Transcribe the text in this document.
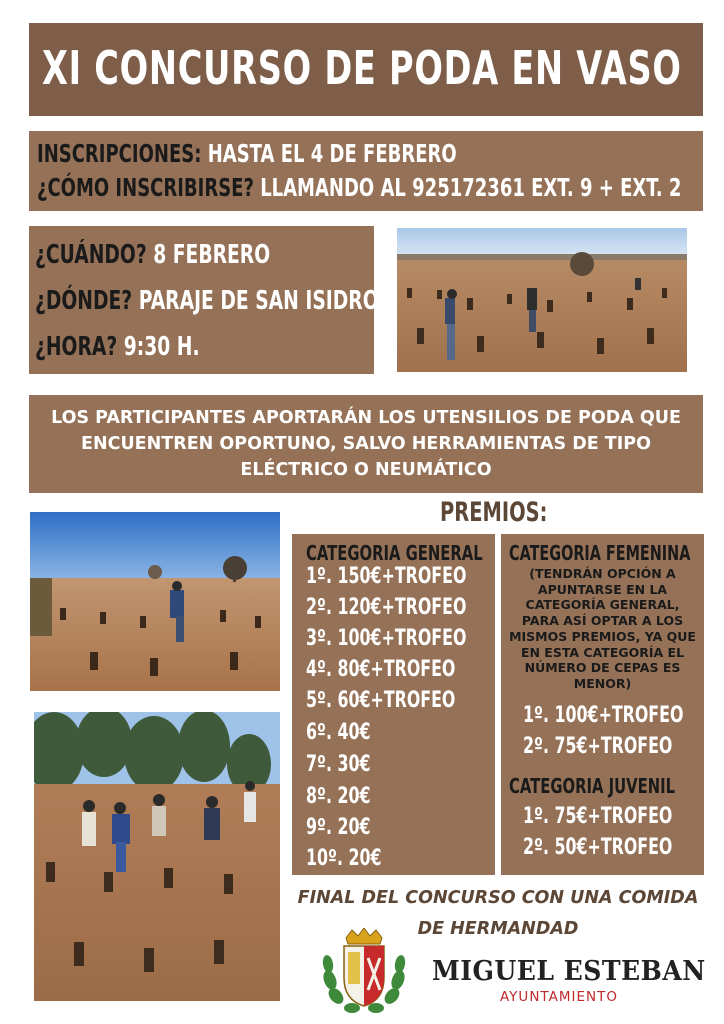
XI CONCURSO DE PODA EN VASO
INSCRIPCIONES: HASTA EL 4 DE FEBRERO
¿CÓMO INSCRIBIRSE? LLAMANDO AL 925172361 EXT. 9 + EXT. 2
¿CUÁNDO? 8 FEBRERO
¿DÓNDE? PARAJE DE SAN ISIDRO
¿HORA? 9:30 H.
LOS PARTICIPANTES APORTARÁN LOS UTENSILIOS DE PODA QUE ENCUENTREN OPORTUNO, SALVO HERRAMIENTAS DE TIPO ELÉCTRICO O NEUMÁTICO
PREMIOS:
CATEGORIA GENERAL
1º. 150€+TROFEO
2º. 120€+TROFEO
3º. 100€+TROFEO
4º. 80€+TROFEO
5º. 60€+TROFEO
6º. 40€
7º. 30€
8º. 20€
9º. 20€
10º. 20€
CATEGORIA FEMENINA
(TENDRÁN OPCIÓN A APUNTARSE EN LA CATEGORÍA GENERAL, PARA ASÍ OPTAR A LOS MISMOS PREMIOS, YA QUE EN ESTA CATEGORÍA EL NÚMERO DE CEPAS ES MENOR)
1º. 100€+TROFEO
2º. 75€+TROFEO
CATEGORIA JUVENIL
1º. 75€+TROFEO
2º. 50€+TROFEO
FINAL DEL CONCURSO CON UNA COMIDA DE HERMANDAD
MIGUEL ESTEBAN
AYUNTAMIENTO
